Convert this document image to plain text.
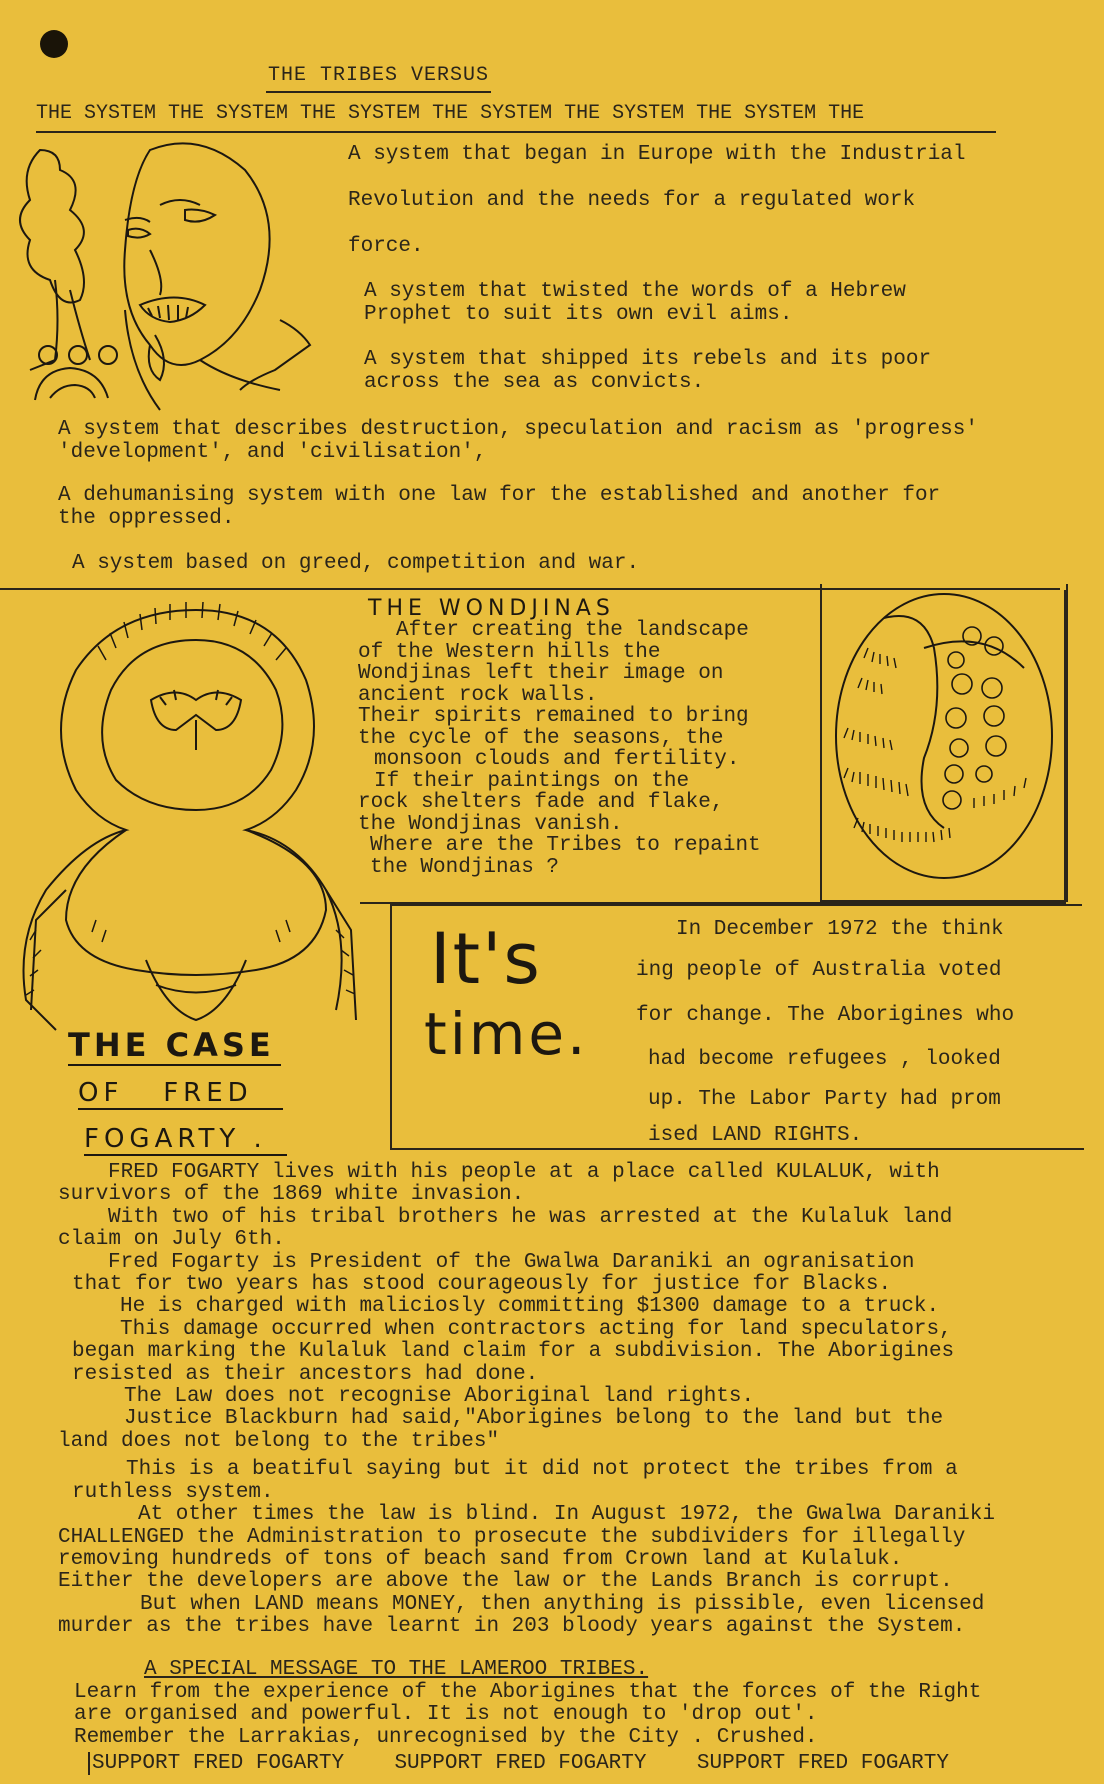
THE TRIBES VERSUS
THE SYSTEM THE SYSTEM THE SYSTEM THE SYSTEM THE SYSTEM THE SYSTEM THE
A system that began in Europe with the Industrial
Revolution and the needs for a regulated work
force.
A system that twisted the words of a Hebrew
Prophet to suit its own evil aims.
A system that shipped its rebels and its poor
across the sea as convicts.
A system that describes destruction, speculation and racism as 'progress'
'development', and 'civilisation',
A dehumanising system with one law for the established and another for
the oppressed.
A system based on greed, competition and war.
THE WONDJINAS
After creating the landscape
of the Western hills the
Wondjinas left their image on
ancient rock walls.
Their spirits remained to bring
the cycle of the seasons, the
monsoon clouds and fertility.
If their paintings on the
rock shelters fade and flake,
the Wondjinas vanish.
Where are the Tribes to repaint
the Wondjinas ?
It's
time.
In December 1972 the think
ing people of Australia voted
for change. The Aborigines who
had become refugees , looked
up. The Labor Party had prom
ised LAND RIGHTS.
THE CASE
OF   FRED
FOGARTY .
FRED FOGARTY lives with his people at a place called KULALUK, with
survivors of the 1869 white invasion.
With two of his tribal brothers he was arrested at the Kulaluk land
claim on July 6th.
Fred Fogarty is President of the Gwalwa Daraniki an ogranisation
that for two years has stood courageously for justice for Blacks.
He is charged with maliciosly committing $1300 damage to a truck.
This damage occurred when contractors acting for land speculators,
began marking the Kulaluk land claim for a subdivision. The Aborigines
resisted as their ancestors had done.
The Law does not recognise Aboriginal land rights.
Justice Blackburn had said,"Aborigines belong to the land but the
land does not belong to the tribes"
This is a beatiful saying but it did not protect the tribes from a
ruthless system.
At other times the law is blind. In August 1972, the Gwalwa Daraniki
CHALLENGED the Administration to prosecute the subdividers for illegally
removing hundreds of tons of beach sand from Crown land at Kulaluk.
Either the developers are above the law or the Lands Branch is corrupt.
But when LAND means MONEY, then anything is pissible, even licensed
murder as the tribes have learnt in 203 bloody years against the System.
A SPECIAL MESSAGE TO THE LAMEROO TRIBES.
Learn from the experience of the Aborigines that the forces of the Right
are organised and powerful. It is not enough to 'drop out'.
Remember the Larrakias, unrecognised by the City . Crushed.
SUPPORT FRED FOGARTY    SUPPORT FRED FOGARTY    SUPPORT FRED FOGARTY
